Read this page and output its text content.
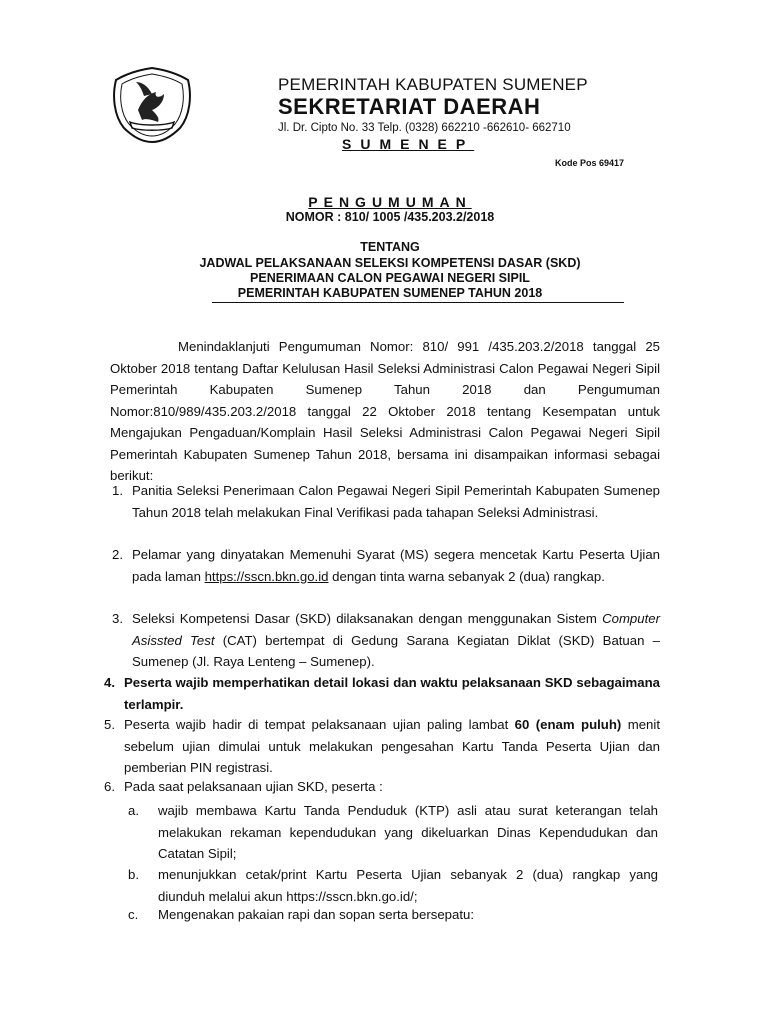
PEMERINTAH KABUPATEN SUMENEP
SEKRETARIAT DAERAH
Jl. Dr. Cipto No. 33 Telp. (0328) 662210 -662610- 662710
SUMENEP
Kode Pos 69417
PENGUMUMAN
NOMOR : 810/ 1005 /435.203.2/2018
TENTANG
JADWAL PELAKSANAAN SELEKSI KOMPETENSI DASAR (SKD)
PENERIMAAN CALON PEGAWAI NEGERI SIPIL
PEMERINTAH KABUPATEN SUMENEP TAHUN 2018
Menindaklanjuti Pengumuman Nomor: 810/ 991 /435.203.2/2018 tanggal 25 Oktober 2018 tentang Daftar Kelulusan Hasil Seleksi Administrasi Calon Pegawai Negeri Sipil Pemerintah Kabupaten Sumenep Tahun 2018 dan Pengumuman Nomor:810/989/435.203.2/2018 tanggal 22 Oktober 2018 tentang Kesempatan untuk Mengajukan Pengaduan/Komplain Hasil Seleksi Administrasi Calon Pegawai Negeri Sipil Pemerintah Kabupaten Sumenep Tahun 2018, bersama ini disampaikan informasi sebagai berikut:
1. Panitia Seleksi Penerimaan Calon Pegawai Negeri Sipil Pemerintah Kabupaten Sumenep Tahun 2018 telah melakukan Final Verifikasi pada tahapan Seleksi Administrasi.
2. Pelamar yang dinyatakan Memenuhi Syarat (MS) segera mencetak Kartu Peserta Ujian pada laman https://sscn.bkn.go.id dengan tinta warna sebanyak 2 (dua) rangkap.
3. Seleksi Kompetensi Dasar (SKD) dilaksanakan dengan menggunakan Sistem Computer Asissted Test (CAT) bertempat di Gedung Sarana Kegiatan Diklat (SKD) Batuan –Sumenep (Jl. Raya Lenteng – Sumenep).
4. Peserta wajib memperhatikan detail lokasi dan waktu pelaksanaan SKD sebagaimana terlampir.
5. Peserta wajib hadir di tempat pelaksanaan ujian paling lambat 60 (enam puluh) menit sebelum ujian dimulai untuk melakukan pengesahan Kartu Tanda Peserta Ujian dan pemberian PIN registrasi.
6. Pada saat pelaksanaan ujian SKD, peserta :
a. wajib membawa Kartu Tanda Penduduk (KTP) asli atau surat keterangan telah melakukan rekaman kependudukan yang dikeluarkan Dinas Kependudukan dan Catatan Sipil;
b. menunjukkan cetak/print Kartu Peserta Ujian sebanyak 2 (dua) rangkap yang diunduh melalui akun https://sscn.bkn.go.id/;
c. Mengenakan pakaian rapi dan sopan serta bersepatu:
